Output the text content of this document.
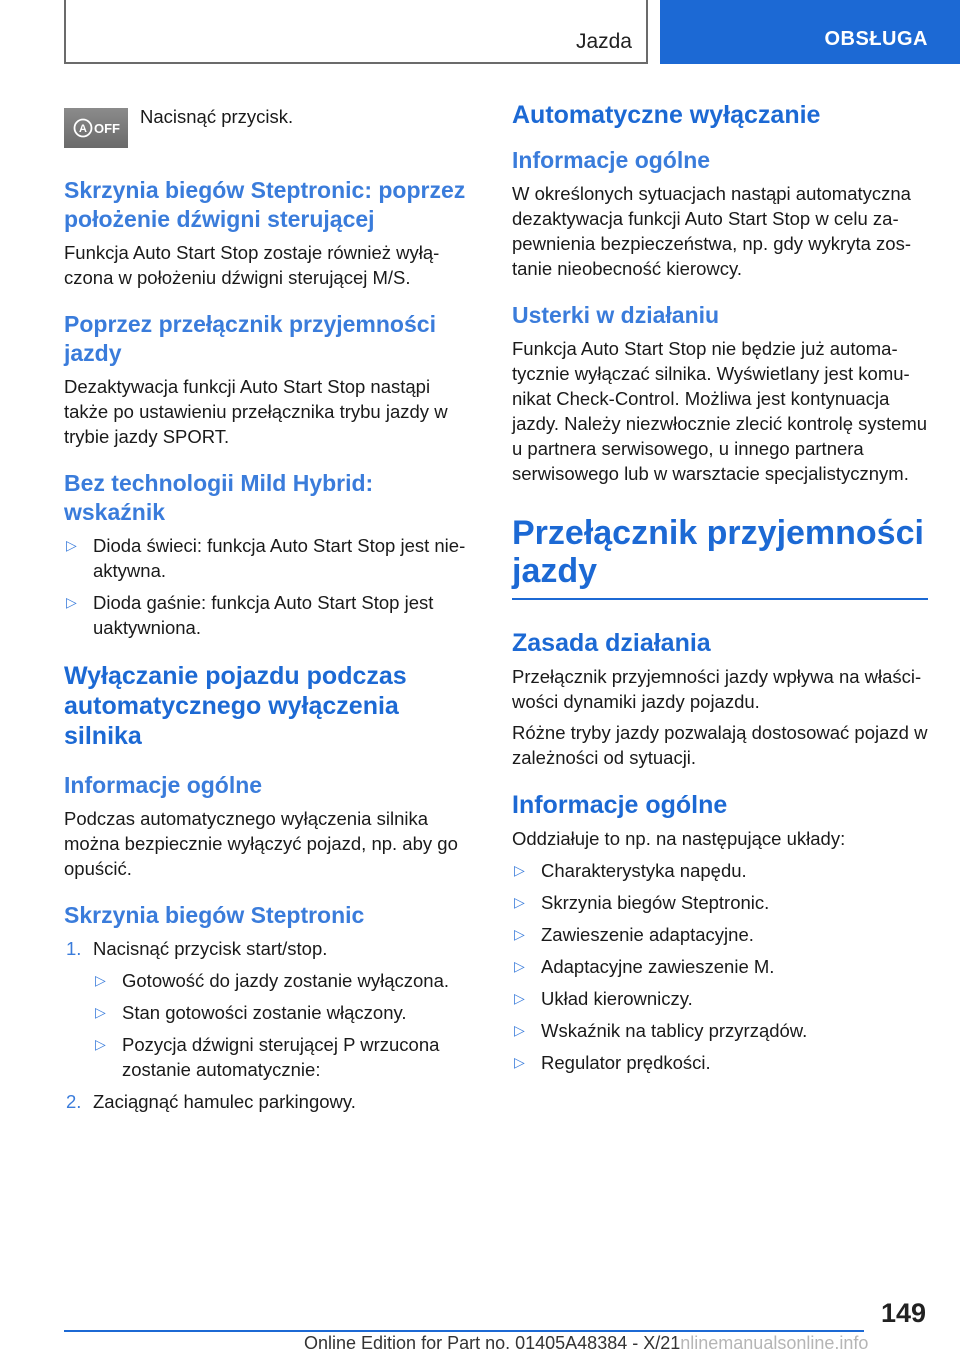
Jazda	OBSŁUGA
A OFF
Nacisnąć przycisk.
Skrzynia biegów Steptronic: poprzez położenie dźwigni sterującej

Funkcja Auto Start Stop zostaje również wyłączona w położeniu dźwigni sterującej M/S.

Poprzez przełącznik przyjemności jazdy

Dezaktywacja funkcji Auto Start Stop nastąpi także po ustawieniu przełącznika trybu jazdy w trybie jazdy SPORT.

Bez technologii Mild Hybrid: wskaźnik
▷ Dioda świeci: funkcja Auto Start Stop jest nieaktywna.
▷ Dioda gaśnie: funkcja Auto Start Stop jest uaktywniona.
Wyłączanie pojazdu podczas automatycznego wyłączenia silnika
Informacje ogólne

Podczas automatycznego wyłączenia silnika można bezpiecznie wyłączyć pojazd, np. aby go opuścić.

Skrzynia biegów Steptronic
1. Nacisnąć przycisk start/stop.
▷ Gotowość do jazdy zostanie wyłączona.
▷ Stan gotowości zostanie włączony.
▷ Pozycja dźwigni sterującej P wrzucona zostanie automatycznie:
2. Zaciągnąć hamulec parkingowy.
Automatyczne wyłączanie
Informacje ogólne

W określonych sytuacjach nastąpi automatyczna dezaktywacja funkcji Auto Start Stop w celu zapewnienia bezpieczeństwa, np. gdy wykryta zostanie nieobecność kierowcy.

Usterki w działaniu

Funkcja Auto Start Stop nie będzie już automatycznie wyłączać silnika. Wyświetlany jest komunikat Check-Control. Możliwa jest kontynuacja jazdy. Należy niezwłocznie zlecić kontrolę systemu u partnera serwisowego, u innego partnera serwisowego lub w warsztacie specjalistycznym.

Przełącznik przyjemności jazdy
Zasada działania

Przełącznik przyjemności jazdy wpływa na właściwości dynamiki jazdy pojazdu.

Różne tryby jazdy pozwalają dostosować pojazd w zależności od sytuacji.

Informacje ogólne

Oddziałuje to np. na następujące układy:

▷ Charakterystyka napędu.
▷ Skrzynia biegów Steptronic.
▷ Zawieszenie adaptacyjne.
▷ Adaptacyjne zawieszenie M.
▷ Układ kierowniczy.
▷ Wskaźnik na tablicy przyrządów.
▷ Regulator prędkości.
149
Online Edition for Part no. 01405A48384 - X/21nlinemanualsonline.info
